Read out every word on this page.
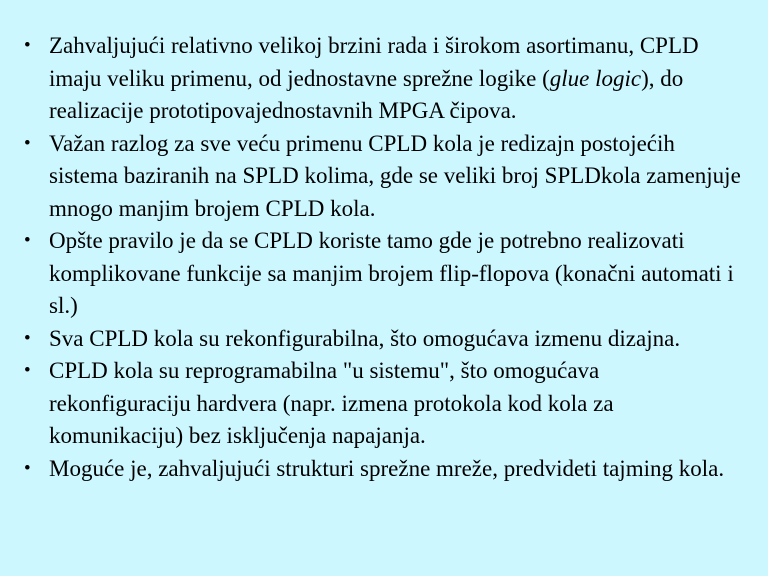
• Zahvaljujući relativno velikoj brzini rada i širokom asortimanu, CPLD imaju veliku primenu, od jednostavne sprežne logike (glue logic), do realizacije prototipovajednostavnih MPGA čipova.
• Važan razlog za sve veću primenu CPLD kola je redizajn postojećih sistema baziranih na SPLD kolima, gde se veliki broj SPLDkola zamenjuje mnogo manjim brojem CPLD kola.
• Opšte pravilo je da se CPLD koriste tamo gde je potrebno realizovati komplikovane funkcije sa manjim brojem flip-flopova (konačni automati i sl.)
• Sva CPLD kola su rekonfigurabilna, što omogućava izmenu dizajna.
• CPLD kola su reprogramabilna "u sistemu", što omogućava rekonfiguraciju hardvera (napr. izmena protokola kod kola za komunikaciju) bez isključenja napajanja.
• Moguće je, zahvaljujući strukturi sprežne mreže, predvideti tajming kola.
